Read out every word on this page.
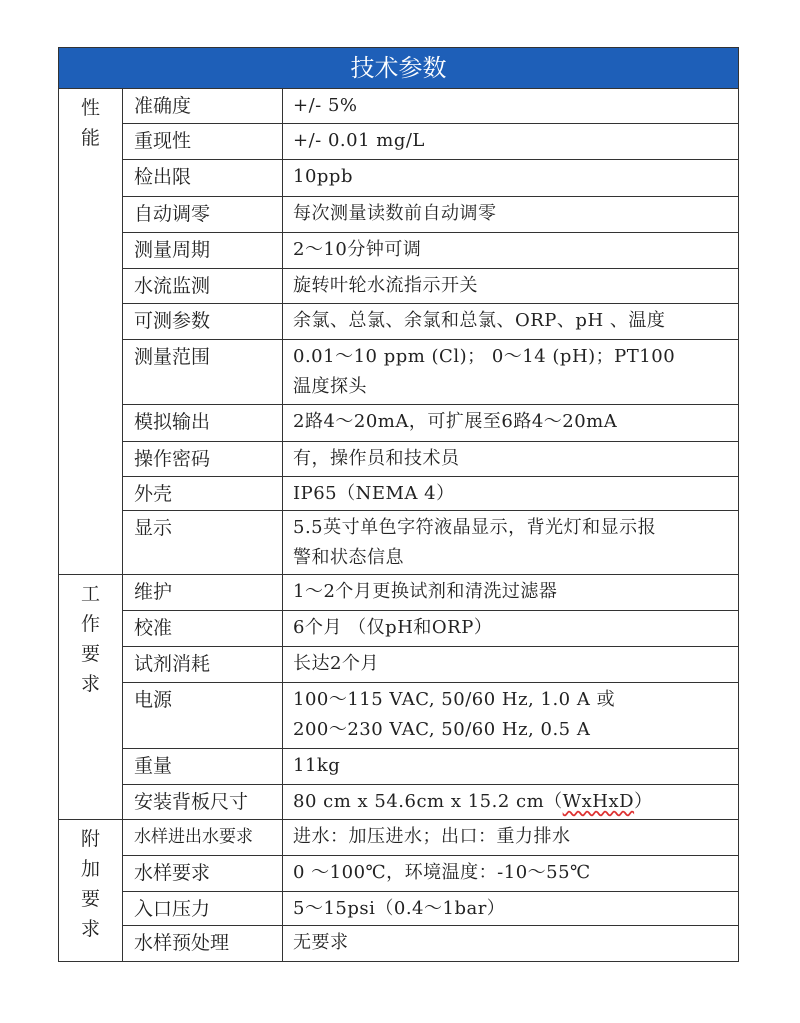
技术参数		

性
能	准确度	+/- 5%

	重现性	+/- 0.01 mg/L

	检出限	10ppb

	自动调零	每次测量读数前自动调零

	测量周期	2～10分钟可调

	水流监测	旋转叶轮水流指示开关

	可测参数	余氯、总氯、余氯和总氯、ORP、pH 、温度

	测量范围	0.01～10 ppm (Cl)； 0～14 (pH)；PT100
温度探头

	模拟输出	2路4～20mA，可扩展至6路4～20mA

	操作密码	有，操作员和技术员

	外壳	IP65（NEMA 4）

	显示	5.5英寸单色字符液晶显示，背光灯和显示报
警和状态信息

工
作
要
求	维护	1～2个月更换试剂和清洗过滤器

	校准	6个月 （仅pH和ORP）

	试剂消耗	长达2个月

	电源	100～115 VAC, 50/60 Hz, 1.0 A 或
200～230 VAC, 50/60 Hz, 0.5 A

	重量	11kg

	安装背板尺寸	80 cm x 54.6cm x 15.2 cm（WxHxD）

附
加
要
求	水样进出水要求	进水：加压进水；出口：重力排水

	水样要求	0 ～100℃，环境温度：-10～55℃

	入口压力	5～15psi（0.4～1bar）

	水样预处理	无要求
